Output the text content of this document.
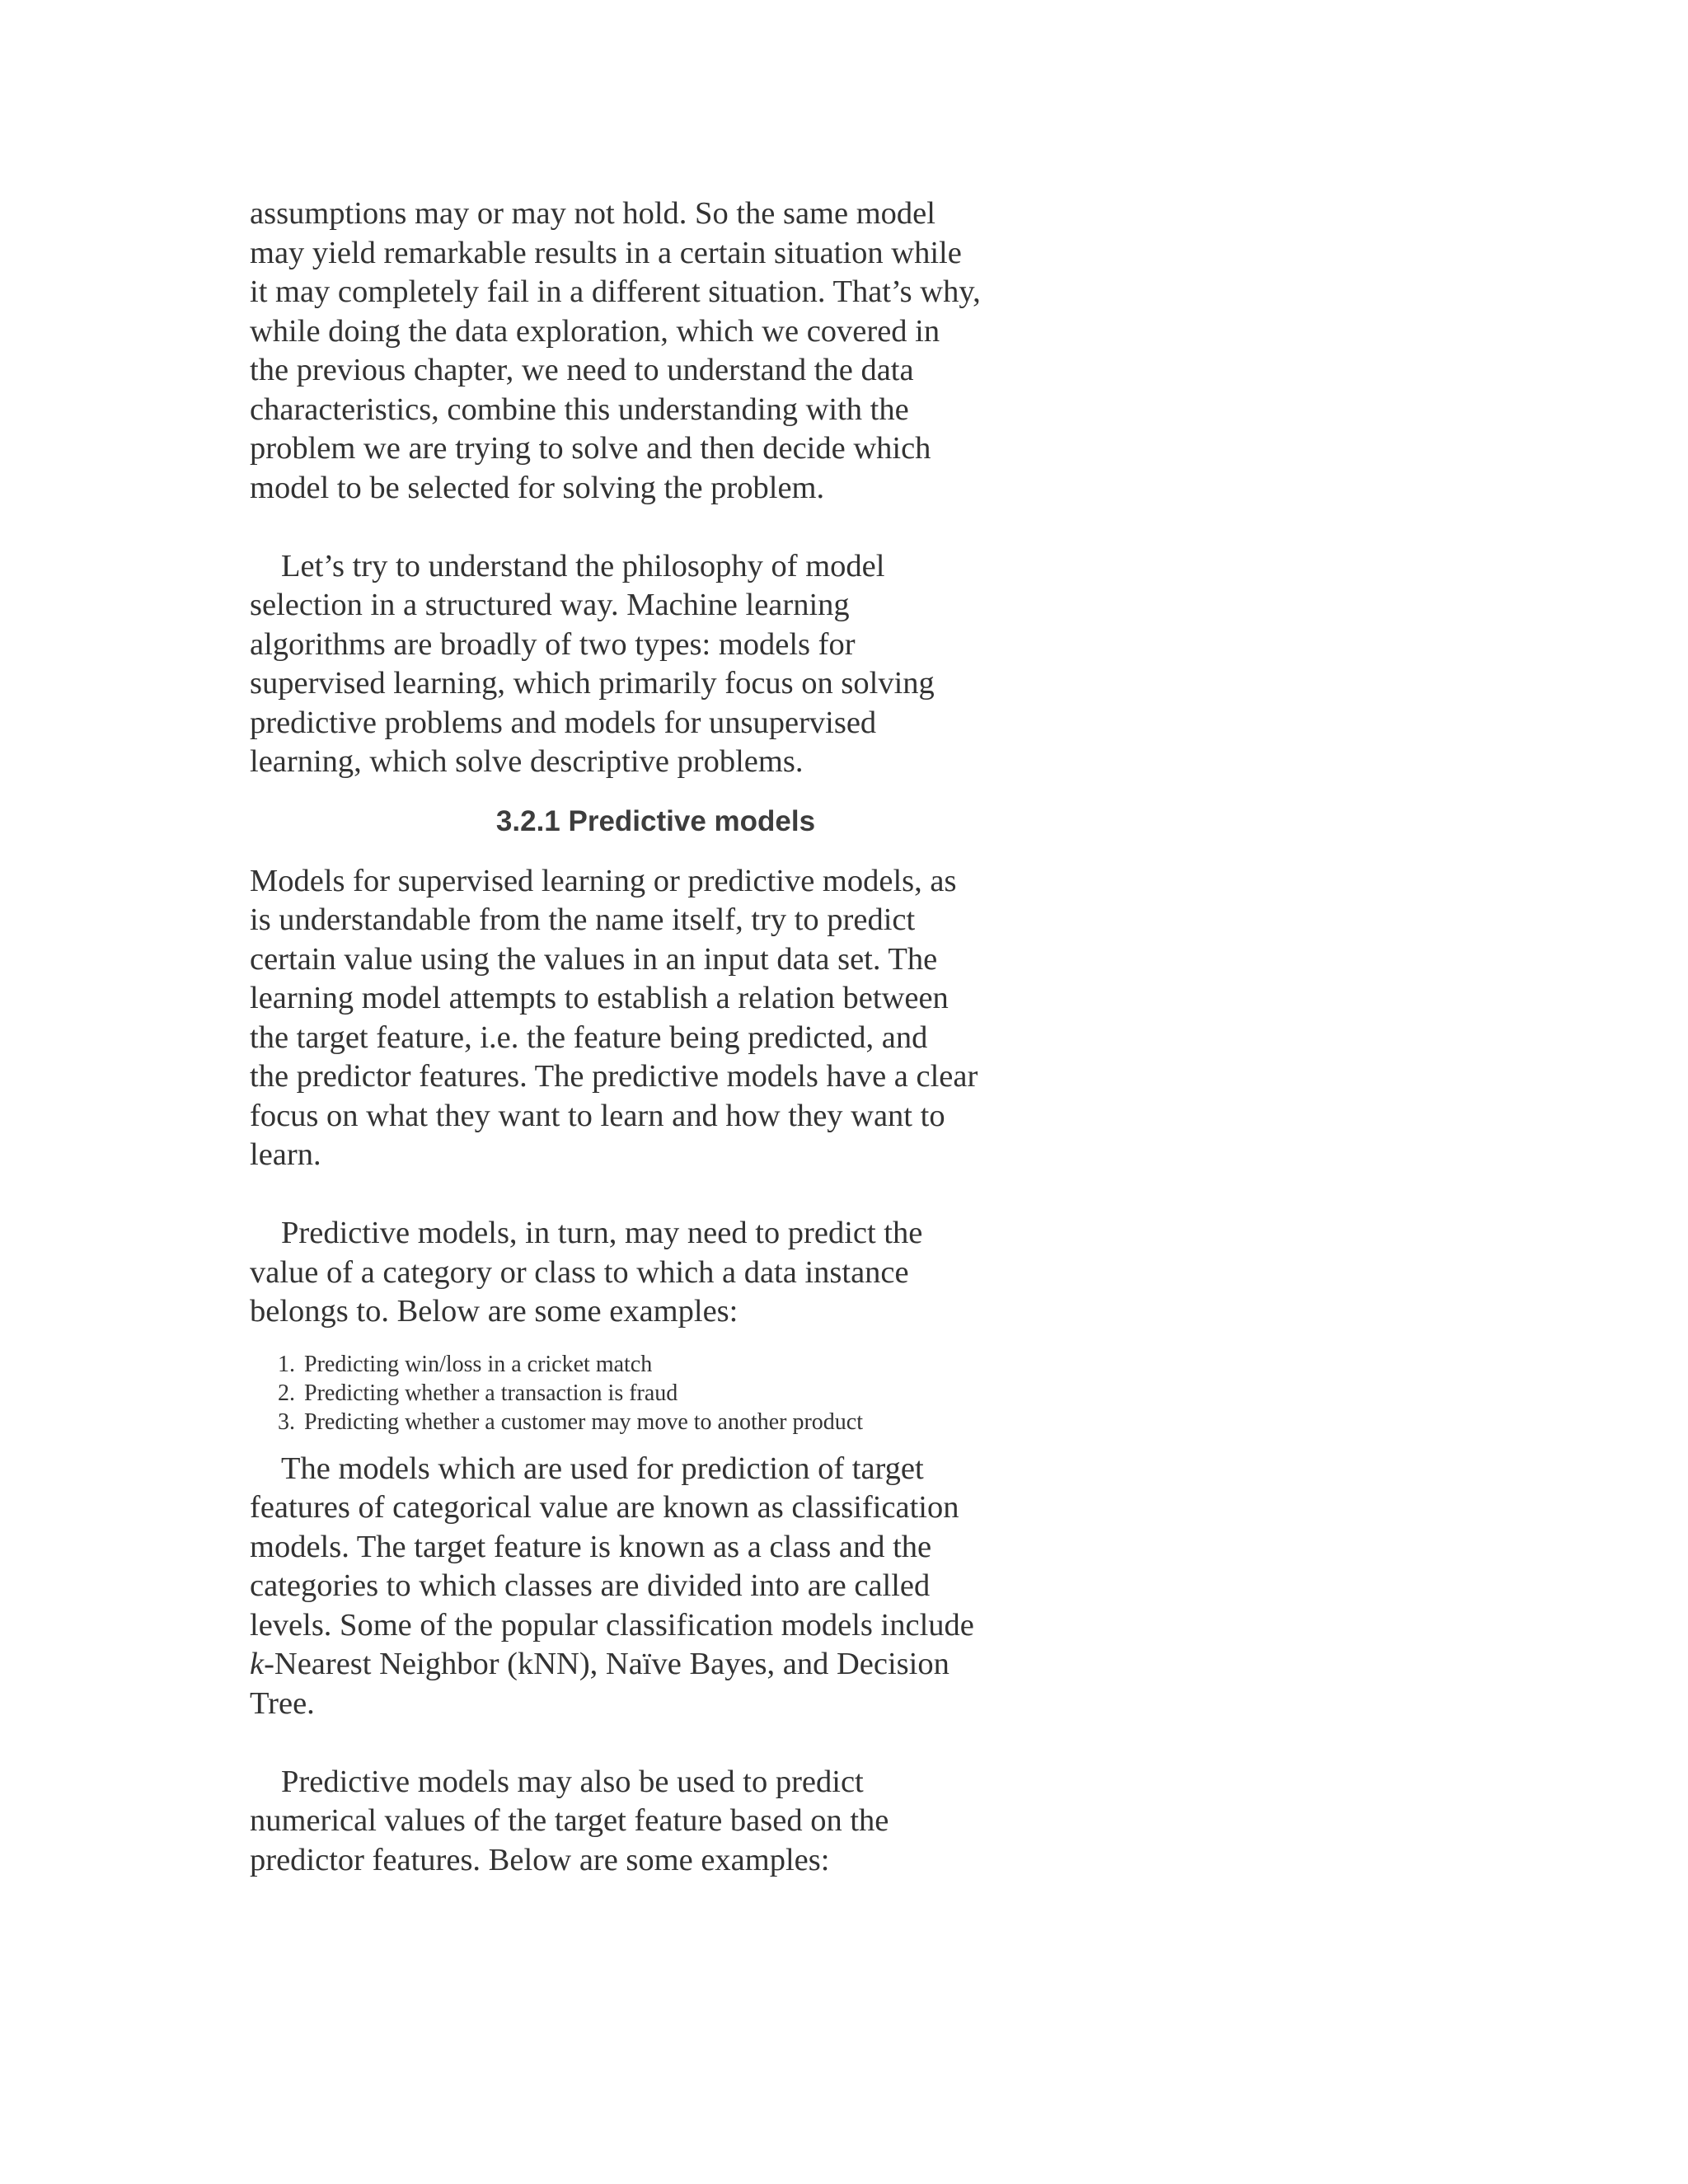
assumptions may or may not hold. So the same model
may yield remarkable results in a certain situation while
it may completely fail in a different situation. That’s why,
while doing the data exploration, which we covered in
the previous chapter, we need to understand the data
characteristics, combine this understanding with the
problem we are trying to solve and then decide which
model to be selected for solving the problem.

Let’s try to understand the philosophy of model
selection in a structured way. Machine learning
algorithms are broadly of two types: models for
supervised learning, which primarily focus on solving
predictive problems and models for unsupervised
learning, which solve descriptive problems.

3.2.1 Predictive models

Models for supervised learning or predictive models, as
is understandable from the name itself, try to predict
certain value using the values in an input data set. The
learning model attempts to establish a relation between
the target feature, i.e. the feature being predicted, and
the predictor features. The predictive models have a clear
focus on what they want to learn and how they want to
learn.

Predictive models, in turn, may need to predict the
value of a category or class to which a data instance
belongs to. Below are some examples:

1. Predicting win/loss in a cricket match
2. Predicting whether a transaction is fraud
3. Predicting whether a customer may move to another product

The models which are used for prediction of target
features of categorical value are known as classification
models. The target feature is known as a class and the
categories to which classes are divided into are called
levels. Some of the popular classification models include
k-Nearest Neighbor (kNN), Naïve Bayes, and Decision
Tree.

Predictive models may also be used to predict
numerical values of the target feature based on the
predictor features. Below are some examples:
